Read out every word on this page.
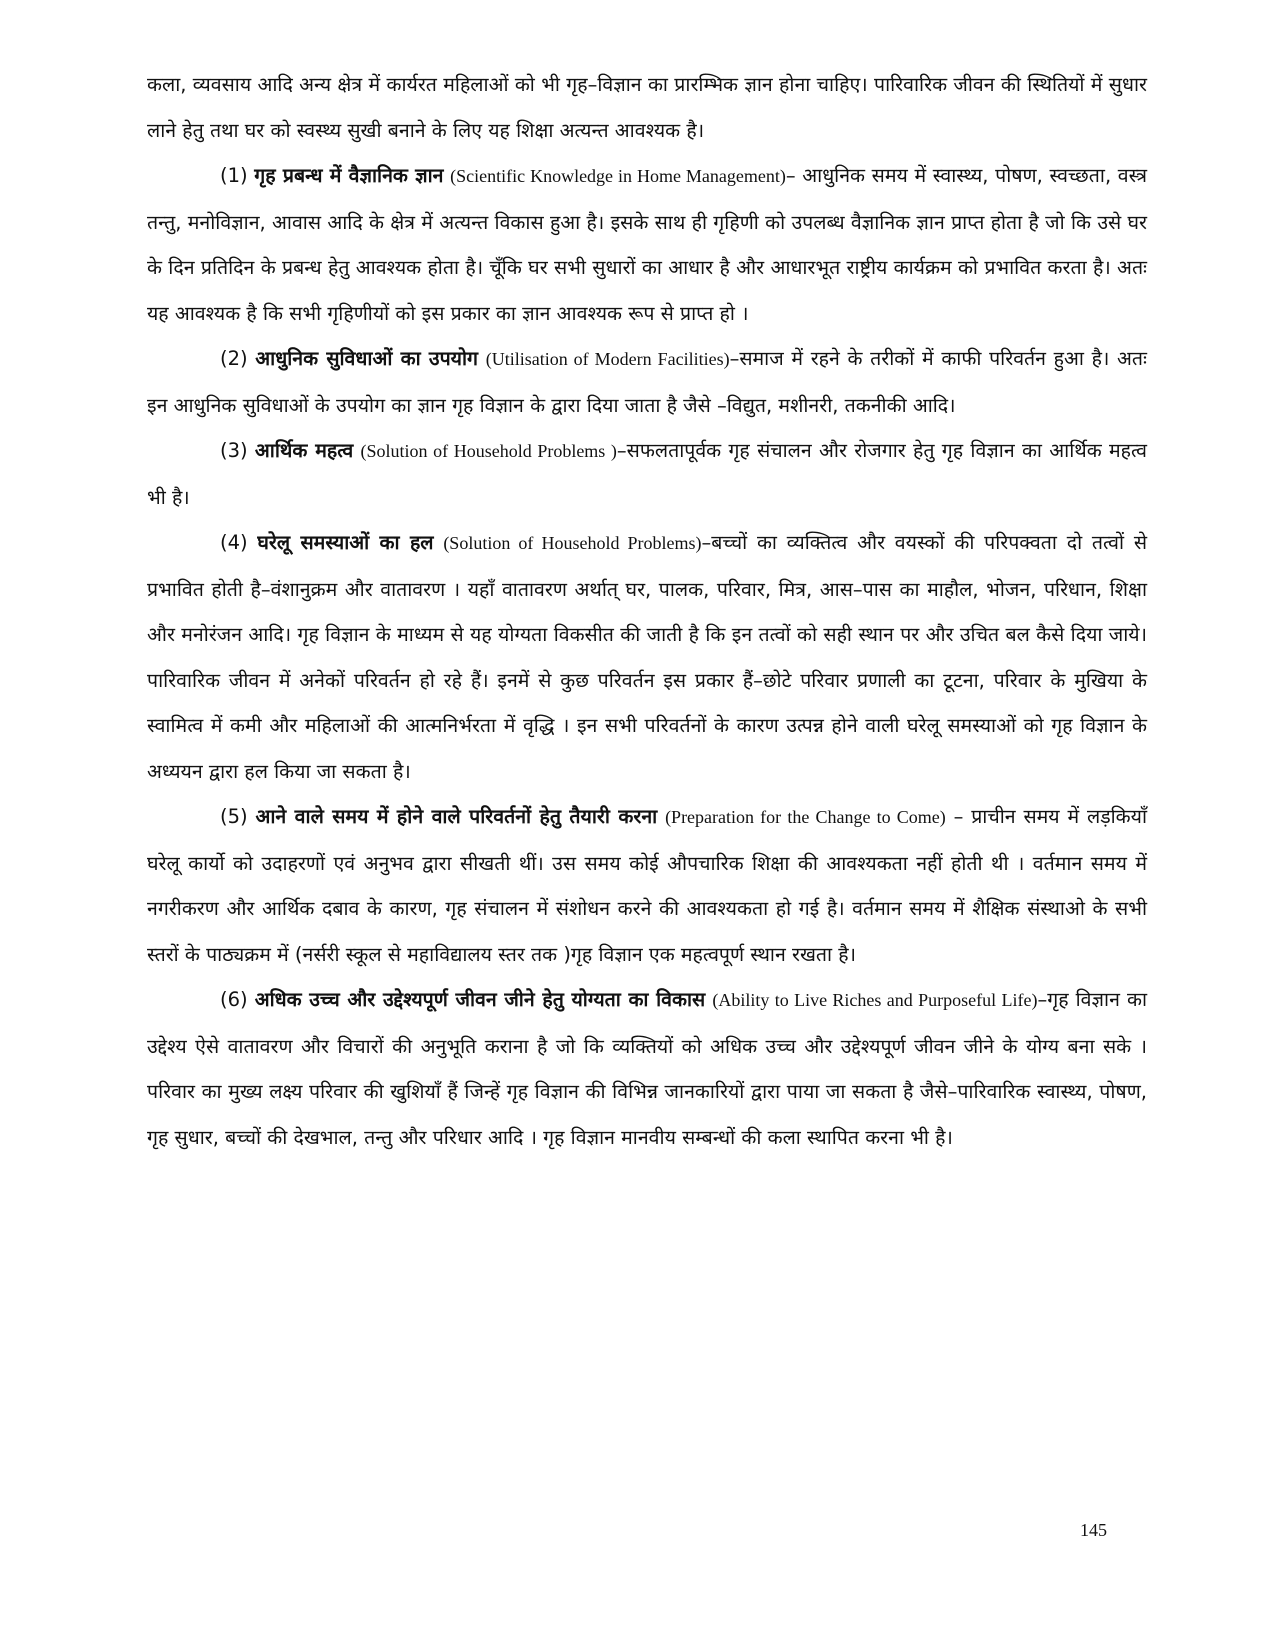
कला, व्यवसाय आदि अन्य क्षेत्र में कार्यरत महिलाओं को भी गृह–विज्ञान का प्रारम्भिक ज्ञान होना चाहिए। पारिवारिक जीवन की स्थितियों में सुधार लाने हेतु तथा घर को स्वस्थ्य सुखी बनाने के लिए यह शिक्षा अत्यन्त आवश्यक है।

(1) गृह प्रबन्ध में वैज्ञानिक ज्ञान (Scientific Knowledge in Home Management)– आधुनिक समय में स्वास्थ्य, पोषण, स्वच्छता, वस्त्र तन्तु, मनोविज्ञान, आवास आदि के क्षेत्र में अत्यन्त विकास हुआ है। इसके साथ ही गृहिणी को उपलब्ध वैज्ञानिक ज्ञान प्राप्त होता है जो कि उसे घर के दिन प्रतिदिन के प्रबन्ध हेतु आवश्यक होता है। चूँकि घर सभी सुधारों का आधार है और आधारभूत राष्ट्रीय कार्यक्रम को प्रभावित करता है। अतः यह आवश्यक है कि सभी गृहिणीयों को इस प्रकार का ज्ञान आवश्यक रूप से प्राप्त हो ।

(2) आधुनिक सुविधाओं का उपयोग (Utilisation of Modern Facilities)–समाज में रहने के तरीकों में काफी परिवर्तन हुआ है। अतः इन आधुनिक सुविधाओं के उपयोग का ज्ञान गृह विज्ञान के द्वारा दिया जाता है जैसे –विद्युत, मशीनरी, तकनीकी आदि।

(3) आर्थिक महत्व (Solution of Household Problems )–सफलतापूर्वक गृह संचालन और रोजगार हेतु गृह विज्ञान का आर्थिक महत्व भी है।

(4) घरेलू समस्याओं का हल (Solution of Household Problems)–बच्चों का व्यक्तित्व और वयस्कों की परिपक्वता दो तत्वों से प्रभावित होती है–वंशानुक्रम और वातावरण । यहाँ वातावरण अर्थात् घर, पालक, परिवार, मित्र, आस–पास का माहौल, भोजन, परिधान, शिक्षा और मनोरंजन आदि। गृह विज्ञान के माध्यम से यह योग्यता विकसीत की जाती है कि इन तत्वों को सही स्थान पर और उचित बल कैसे दिया जाये। पारिवारिक जीवन में अनेकों परिवर्तन हो रहे हैं। इनमें से कुछ परिवर्तन इस प्रकार हैं–छोटे परिवार प्रणाली का टूटना, परिवार के मुखिया के स्वामित्व में कमी और महिलाओं की आत्मनिर्भरता में वृद्धि । इन सभी परिवर्तनों के कारण उत्पन्न होने वाली घरेलू समस्याओं को गृह विज्ञान के अध्ययन द्वारा हल किया जा सकता है।

(5) आने वाले समय में होने वाले परिवर्तनों हेतु तैयारी करना (Preparation for the Change to Come) – प्राचीन समय में लड़कियाँ घरेलू कार्यो को उदाहरणों एवं अनुभव द्वारा सीखती थीं। उस समय कोई औपचारिक शिक्षा की आवश्यकता नहीं होती थी । वर्तमान समय में नगरीकरण और आर्थिक दबाव के कारण, गृह संचालन में संशोधन करने की आवश्यकता हो गई है। वर्तमान समय में शैक्षिक संस्थाओ के सभी स्तरों के पाठ्यक्रम में (नर्सरी स्कूल से महाविद्यालय स्तर तक )गृह विज्ञान एक महत्वपूर्ण स्थान रखता है।

(6) अधिक उच्च और उद्देश्यपूर्ण जीवन जीने हेतु योग्यता का विकास (Ability to Live Riches and Purposeful Life)–गृह विज्ञान का उद्देश्य ऐसे वातावरण और विचारों की अनुभूति कराना है जो कि व्यक्तियों को अधिक उच्च और उद्देश्यपूर्ण जीवन जीने के योग्य बना सके । परिवार का मुख्य लक्ष्य परिवार की खुशियाँ हैं जिन्हें गृह विज्ञान की विभिन्न जानकारियों द्वारा पाया जा सकता है जैसे–पारिवारिक स्वास्थ्य, पोषण, गृह सुधार, बच्चों की देखभाल, तन्तु और परिधार आदि । गृह विज्ञान मानवीय सम्बन्धों की कला स्थापित करना भी है।

145
